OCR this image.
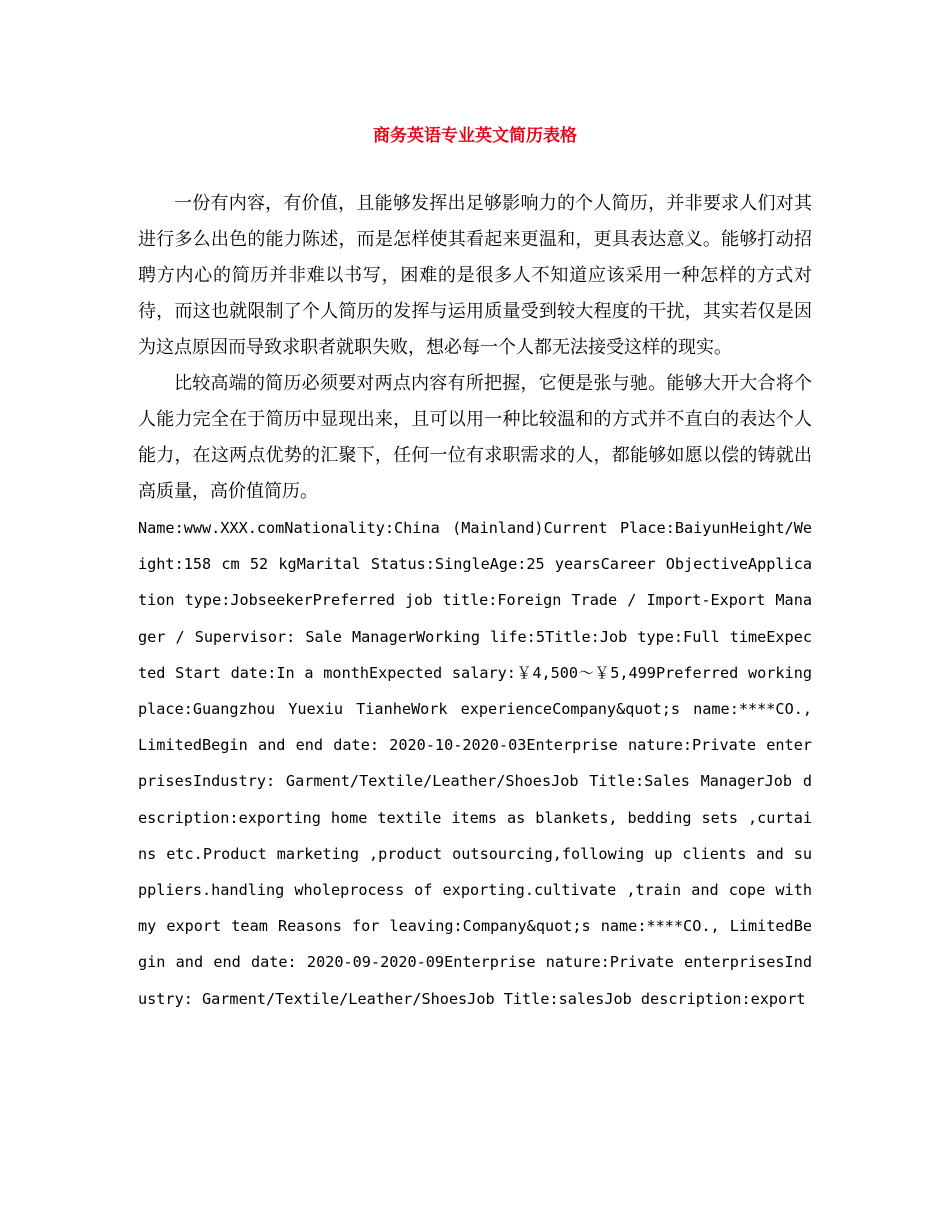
商务英语专业英文简历表格

一份有内容，有价值，且能够发挥出足够影响力的个人简历，并非要求人们对其进行多么出色的能力陈述，而是怎样使其看起来更温和，更具表达意义。能够打动招聘方内心的简历并非难以书写，困难的是很多人不知道应该采用一种怎样的方式对待，而这也就限制了个人简历的发挥与运用质量受到较大程度的干扰，其实若仅是因为这点原因而导致求职者就职失败，想必每一个人都无法接受这样的现实。

比较高端的简历必须要对两点内容有所把握，它便是张与驰。能够大开大合将个人能力完全在于简历中显现出来，且可以用一种比较温和的方式并不直白的表达个人能力，在这两点优势的汇聚下，任何一位有求职需求的人，都能够如愿以偿的铸就出高质量，高价值简历。

Name:www.XXX.comNationality:China (Mainland)Current Place:BaiyunHeight/Weight:158 cm 52 kgMarital Status:SingleAge:25 yearsCareer ObjectiveApplication type:JobseekerPreferred job title:Foreign Trade / Import-Export Manager / Supervisor: Sale ManagerWorking life:5Title:Job type:Full timeExpected Start date:In a monthExpected salary:￥4,500～￥5,499Preferred working place:Guangzhou Yuexiu TianheWork experienceCompany&quot;s name:****CO., LimitedBegin and end date: 2020-10-2020-03Enterprise nature:Private enterprisesIndustry: Garment/Textile/Leather/ShoesJob Title:Sales ManagerJob description:exporting home textile items as blankets, bedding sets ,curtains etc.Product marketing ,product outsourcing,following up clients and suppliers.handling wholeprocess of exporting.cultivate ,train and cope with my export team Reasons for leaving:Company&quot;s name:****CO., LimitedBegin and end date: 2020-09-2020-09Enterprise nature:Private enterprisesIndustry: Garment/Textile/Leather/ShoesJob Title:salesJob description:export
